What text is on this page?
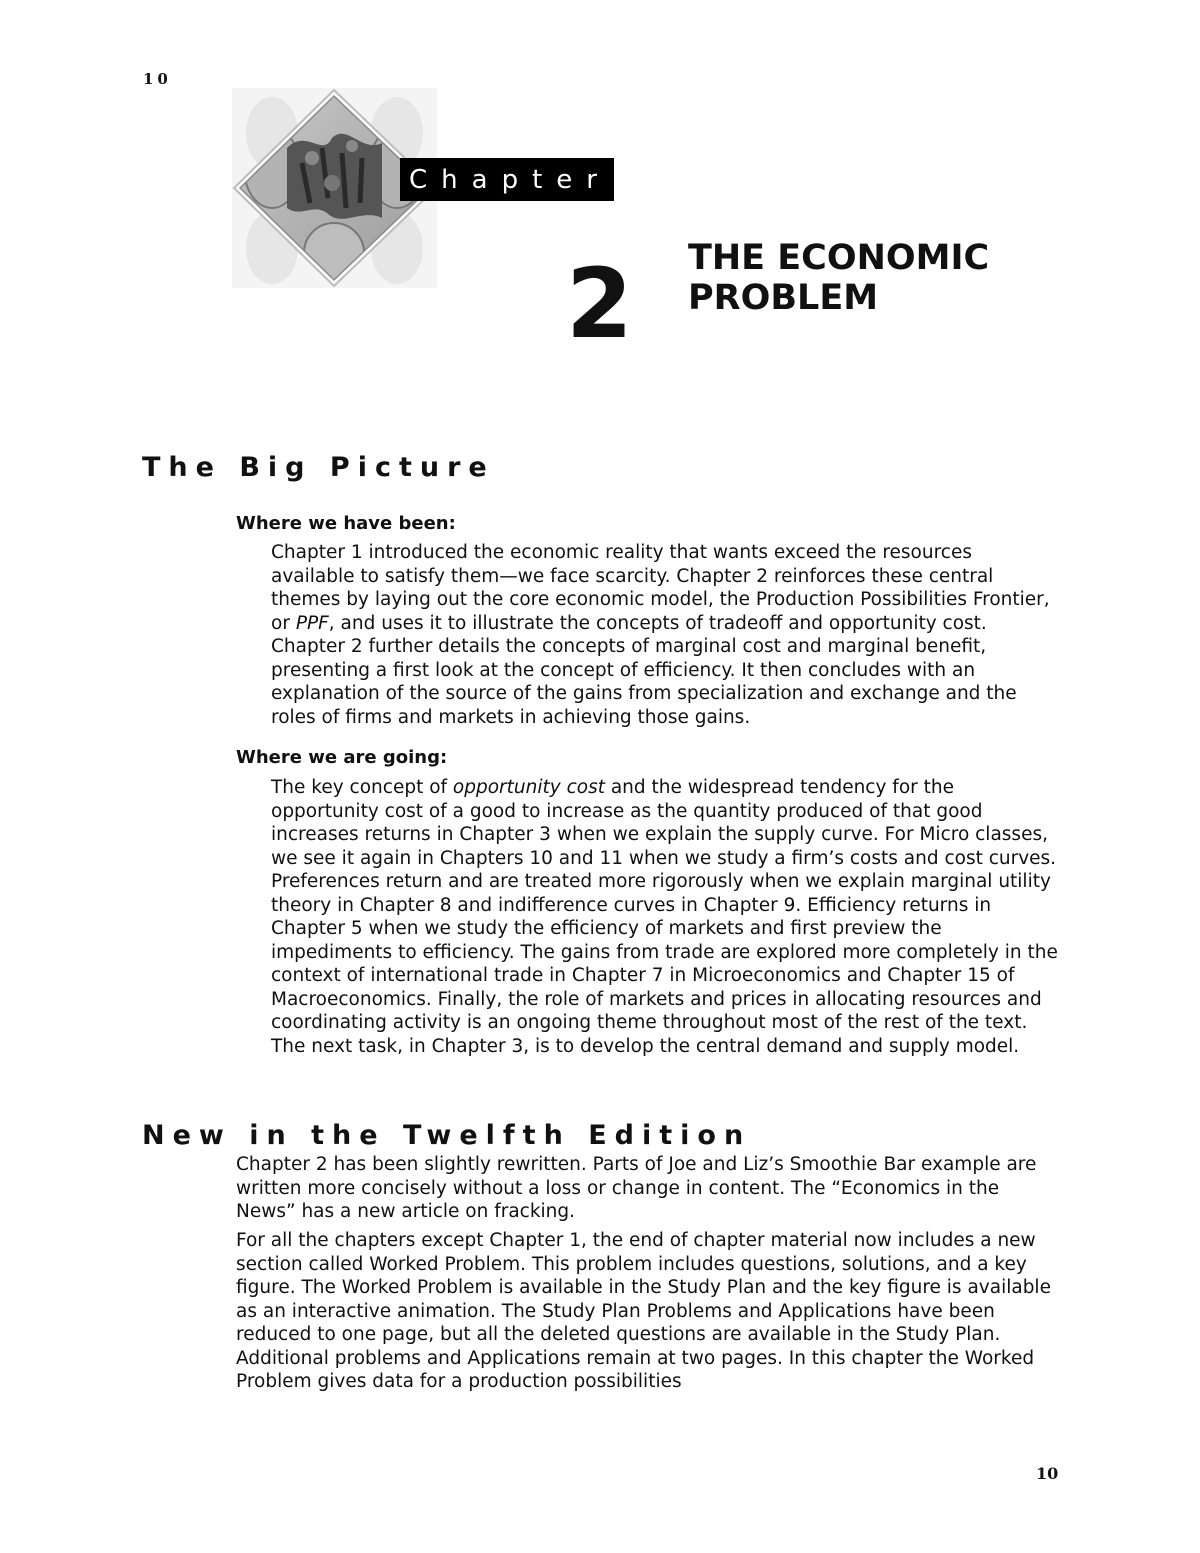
10
Chapter
2 THE ECONOMIC
PROBLEM
The Big Picture
Where we have been:

Chapter 1 introduced the economic reality that wants exceed the resources available to satisfy them—we face scarcity. Chapter 2 reinforces these central themes by laying out the core economic model, the Production Possibilities Frontier, or PPF, and uses it to illustrate the concepts of tradeoff and opportunity cost. Chapter 2 further details the concepts of marginal cost and marginal benefit, presenting a first look at the concept of efficiency. It then concludes with an explanation of the source of the gains from specialization and exchange and the roles of firms and markets in achieving those gains.

Where we are going:

The key concept of opportunity cost and the widespread tendency for the opportunity cost of a good to increase as the quantity produced of that good increases returns in Chapter 3 when we explain the supply curve. For Micro classes, we see it again in Chapters 10 and 11 when we study a firm’s costs and cost curves. Preferences return and are treated more rigorously when we explain marginal utility theory in Chapter 8 and indifference curves in Chapter 9. Efficiency returns in Chapter 5 when we study the efficiency of markets and first preview the impediments to efficiency. The gains from trade are explored more completely in the context of international trade in Chapter 7 in Microeconomics and Chapter 15 of Macroeconomics. Finally, the role of markets and prices in allocating resources and coordinating activity is an ongoing theme throughout most of the rest of the text. The next task, in Chapter 3, is to develop the central demand and supply model.

New in the Twelfth Edition

Chapter 2 has been slightly rewritten. Parts of Joe and Liz’s Smoothie Bar example are written more concisely without a loss or change in content. The “Economics in the News” has a new article on fracking.

For all the chapters except Chapter 1, the end of chapter material now includes a new section called Worked Problem. This problem includes questions, solutions, and a key figure. The Worked Problem is available in the Study Plan and the key figure is available as an interactive animation. The Study Plan Problems and Applications have been reduced to one page, but all the deleted questions are available in the Study Plan. Additional problems and Applications remain at two pages. In this chapter the Worked Problem gives data for a production possibilities

10
